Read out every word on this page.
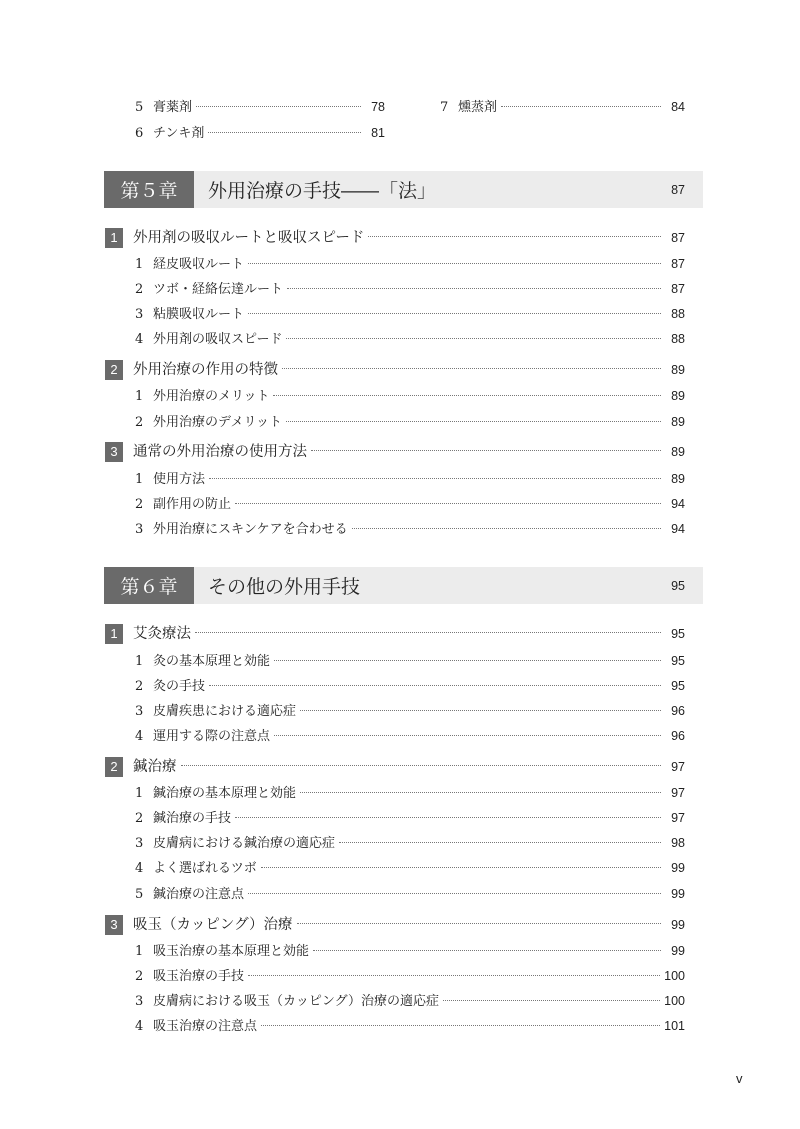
5 膏薬剤	78	7 燻蒸剤	84
6 チンキ剤	81
第５章	外用治療の手技――「法」	87
1	外用剤の吸収ルートと吸収スピード	87
1 経皮吸収ルート	87
2 ツボ・経絡伝達ルート	87
3 粘膜吸収ルート	88
4 外用剤の吸収スピード	88
2	外用治療の作用の特徴	89
1 外用治療のメリット	89
2 外用治療のデメリット	89
3	通常の外用治療の使用方法	89
1 使用方法	89
2 副作用の防止	94
3 外用治療にスキンケアを合わせる	94
第６章	その他の外用手技	95
1	艾灸療法	95
1 灸の基本原理と効能	95
2 灸の手技	95
3 皮膚疾患における適応症	96
4 運用する際の注意点	96
2	鍼治療	97
1 鍼治療の基本原理と効能	97
2 鍼治療の手技	97
3 皮膚病における鍼治療の適応症	98
4 よく選ばれるツボ	99
5 鍼治療の注意点	99
3	吸玉（カッピング）治療	99
1 吸玉治療の基本原理と効能	99
2 吸玉治療の手技	100
3 皮膚病における吸玉（カッピング）治療の適応症	100
4 吸玉治療の注意点	101
v
